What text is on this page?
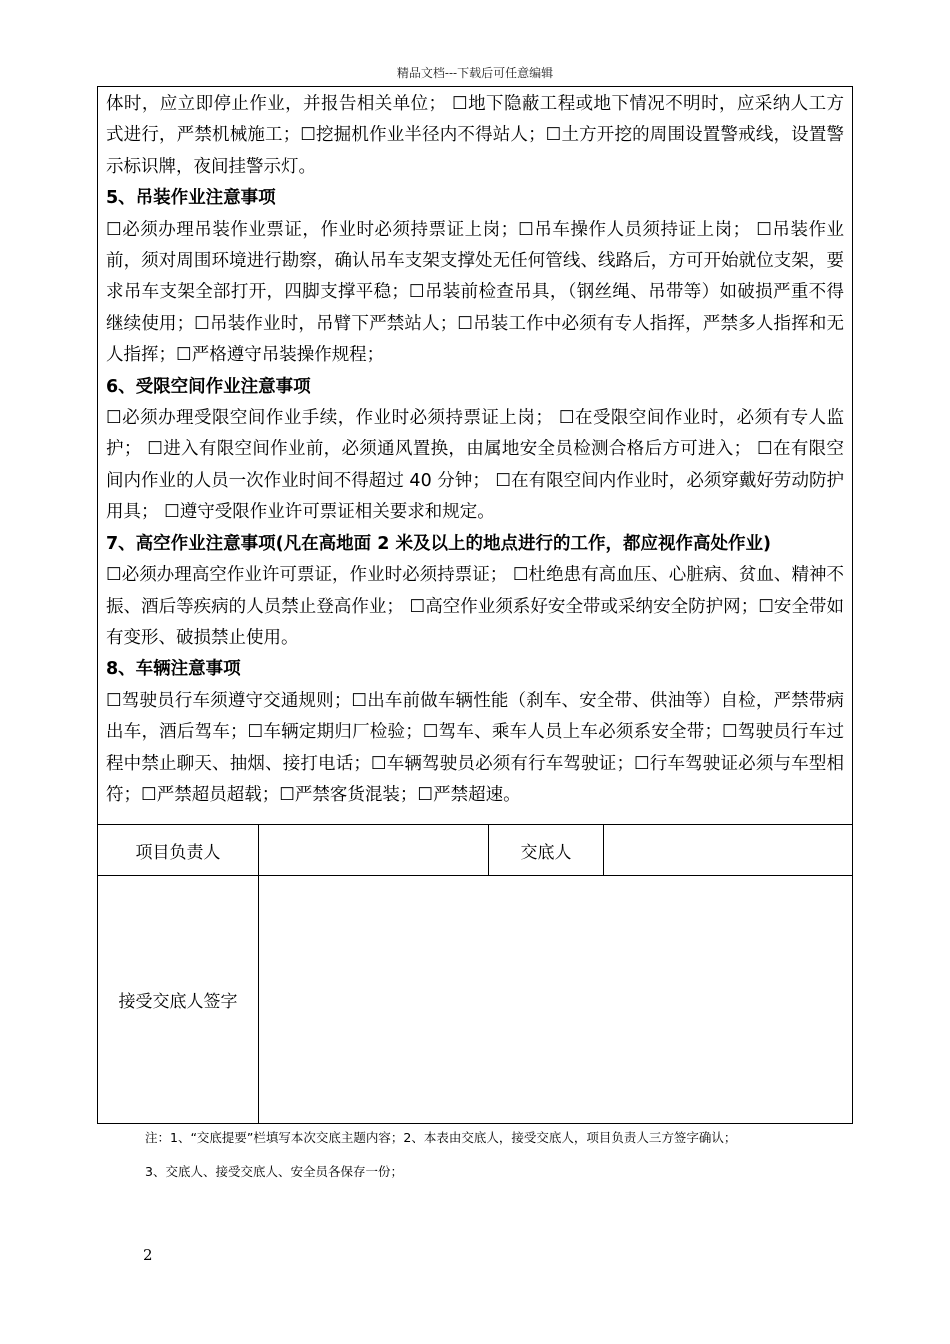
精品文档---下载后可任意编辑

体时，应立即停止作业，并报告相关单位； ☐地下隐蔽工程或地下情况不明时，应采纳人工方式进行，严禁机械施工；☐挖掘机作业半径内不得站人；☐土方开挖的周围设置警戒线，设置警示标识牌，夜间挂警示灯。

5、吊装作业注意事项

☐必须办理吊装作业票证，作业时必须持票证上岗；☐吊车操作人员须持证上岗； ☐吊装作业前，须对周围环境进行勘察，确认吊车支架支撑处无任何管线、线路后，方可开始就位支架，要求吊车支架全部打开，四脚支撑平稳；☐吊装前检查吊具，（钢丝绳、吊带等）如破损严重不得继续使用；☐吊装作业时，吊臂下严禁站人；☐吊装工作中必须有专人指挥，严禁多人指挥和无人指挥；☐严格遵守吊装操作规程；

6、受限空间作业注意事项

☐必须办理受限空间作业手续，作业时必须持票证上岗； ☐在受限空间作业时，必须有专人监护； ☐进入有限空间作业前，必须通风置换，由属地安全员检测合格后方可进入； ☐在有限空间内作业的人员一次作业时间不得超过 40 分钟； ☐在有限空间内作业时，必须穿戴好劳动防护用具； ☐遵守受限作业许可票证相关要求和规定。

7、高空作业注意事项(凡在高地面 2 米及以上的地点进行的工作，都应视作高处作业)

☐必须办理高空作业许可票证，作业时必须持票证； ☐杜绝患有高血压、心脏病、贫血、精神不振、酒后等疾病的人员禁止登高作业； ☐高空作业须系好安全带或采纳安全防护网；☐安全带如有变形、破损禁止使用。

8、车辆注意事项

☐驾驶员行车须遵守交通规则；☐出车前做车辆性能（刹车、安全带、供油等）自检，严禁带病出车，酒后驾车；☐车辆定期归厂检验；☐驾车、乘车人员上车必须系安全带；☐驾驶员行车过程中禁止聊天、抽烟、接打电话；☐车辆驾驶员必须有行车驾驶证；☐行车驾驶证必须与车型相符；☐严禁超员超载；☐严禁客货混装；☐严禁超速。

项目负责人	交底人
接受交底人签字
注：1、“交底提要”栏填写本次交底主题内容；2、本表由交底人，接受交底人，项目负责人三方签字确认；
3、交底人、接受交底人、安全员各保存一份；
2
